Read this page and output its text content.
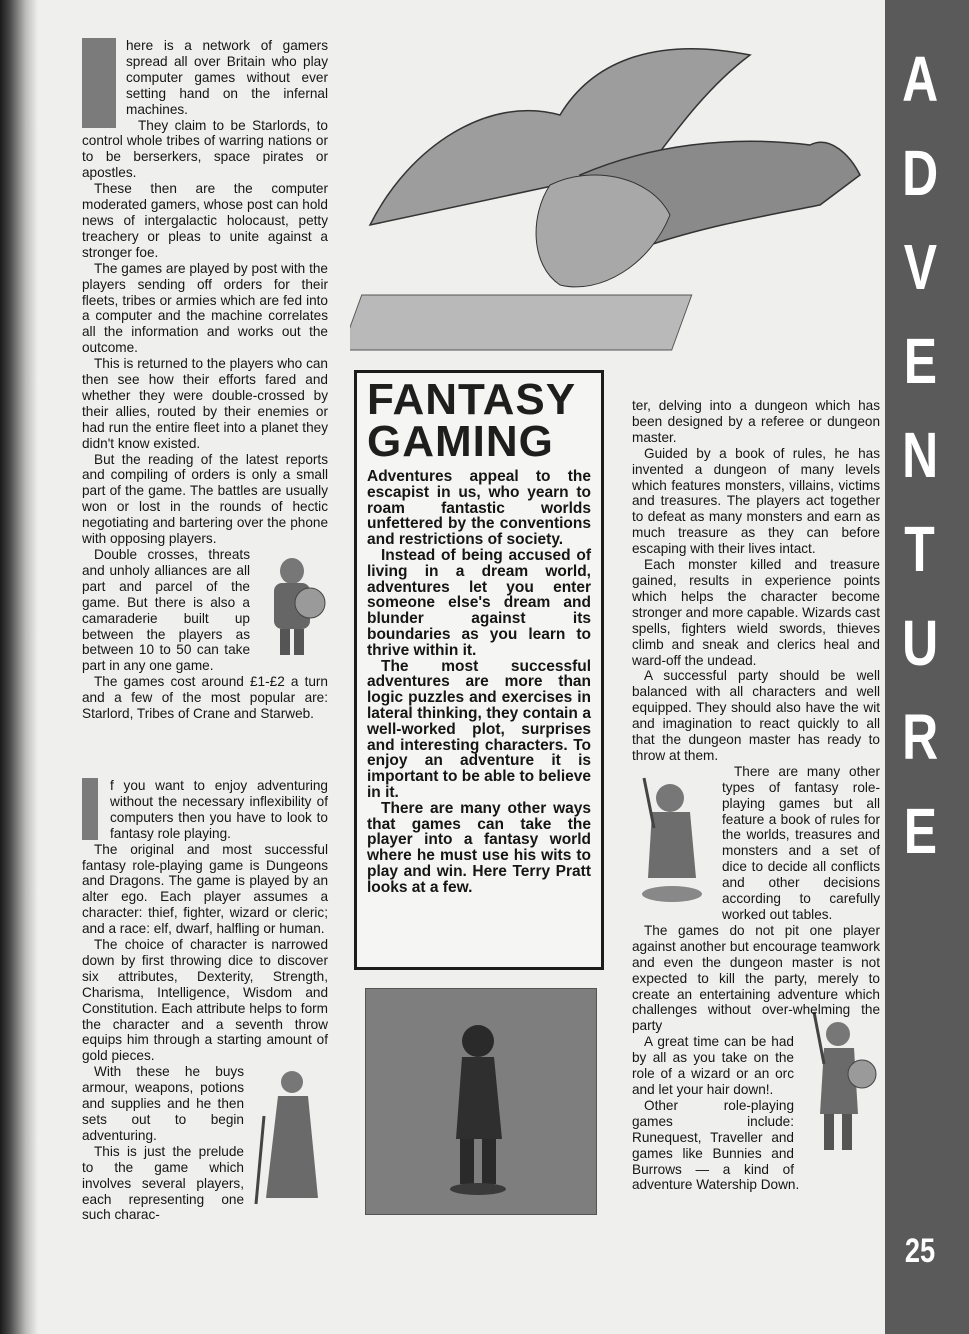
here is a network of gamers spread all over Britain who play computer games without ever setting hand on the infernal machines.

They claim to be Starlords, to control whole tribes of warring nations or to be berserkers, space pirates or apostles.

These then are the computer moderated gamers, whose post can hold news of intergalactic holocaust, petty treachery or pleas to unite against a stronger foe.

The games are played by post with the players sending off orders for their fleets, tribes or armies which are fed into a computer and the machine correlates all the information and works out the outcome.

This is returned to the players who can then see how their efforts fared and whether they were double-crossed by their allies, routed by their enemies or had run the entire fleet into a planet they didn't know existed.

But the reading of the latest reports and compiling of orders is only a small part of the game. The battles are usually won or lost in the rounds of hectic negotiating and bartering over the phone with opposing players.

Double crosses, threats and unholy alliances are all part and parcel of the game. But there is also a camaraderie built up between the players as between 10 to 50 can take part in any one game.

The games cost around £1-£2 a turn and a few of the most popular are: Starlord, Tribes of Crane and Starweb.

f you want to enjoy adventuring without the necessary inflexibility of computers then you have to look to fantasy role playing.

The original and most successful fantasy role-playing game is Dungeons and Dragons. The game is played by an alter ego. Each player assumes a character: thief, fighter, wizard or cleric; and a race: elf, dwarf, halfling or human.

The choice of character is narrowed down by first throwing dice to discover six attributes, Dexterity, Strength, Charisma, Intelligence, Wisdom and Constitution. Each attribute helps to form the character and a seventh throw equips him through a starting amount of gold pieces.

With these he buys armour, weapons, potions and supplies and he then sets out to begin adventuring.

This is just the prelude to the game which involves several players, each representing one such charac-

FANTASY
GAMING

Adventures appeal to the escapist in us, who yearn to roam fantastic worlds unfettered by the conventions and restrictions of society.

Instead of being accused of living in a dream world, adventures let you enter someone else's dream and blunder against its boundaries as you learn to thrive within it.

The most successful adventures are more than logic puzzles and exercises in lateral thinking, they contain a well-worked plot, surprises and interesting characters. To enjoy an adventure it is important to be able to believe in it.

There are many other ways that games can take the player into a fantasy world where he must use his wits to play and win. Here Terry Pratt looks at a few.

ter, delving into a dungeon which has been designed by a referee or dungeon master.

Guided by a book of rules, he has invented a dungeon of many levels which features monsters, villains, victims and treasures. The players act together to defeat as many monsters and earn as much treasure as they can before escaping with their lives intact.

Each monster killed and treasure gained, results in experience points which helps the character become stronger and more capable. Wizards cast spells, fighters wield swords, thieves climb and sneak and clerics heal and ward-off the undead.

A successful party should be well balanced with all characters and well equipped. They should also have the wit and imagination to react quickly to all that the dungeon master has ready to throw at them.

There are many other types of fantasy role-playing games but all feature a book of rules for the worlds, treasures and monsters and a set of dice to decide all conflicts and other decisions according to carefully worked out tables.

The games do not pit one player against another but encourage teamwork and even the dungeon master is not expected to kill the party, merely to create an entertaining adventure which challenges without over-whelming the party

A great time can be had by all as you take on the role of a wizard or an orc and let your hair down!.

Other role-playing games include: Runequest, Traveller and games like Bunnies and Burrows — a kind of adventure Watership Down.

A
D
V
E
N
T
U
R
E
25
